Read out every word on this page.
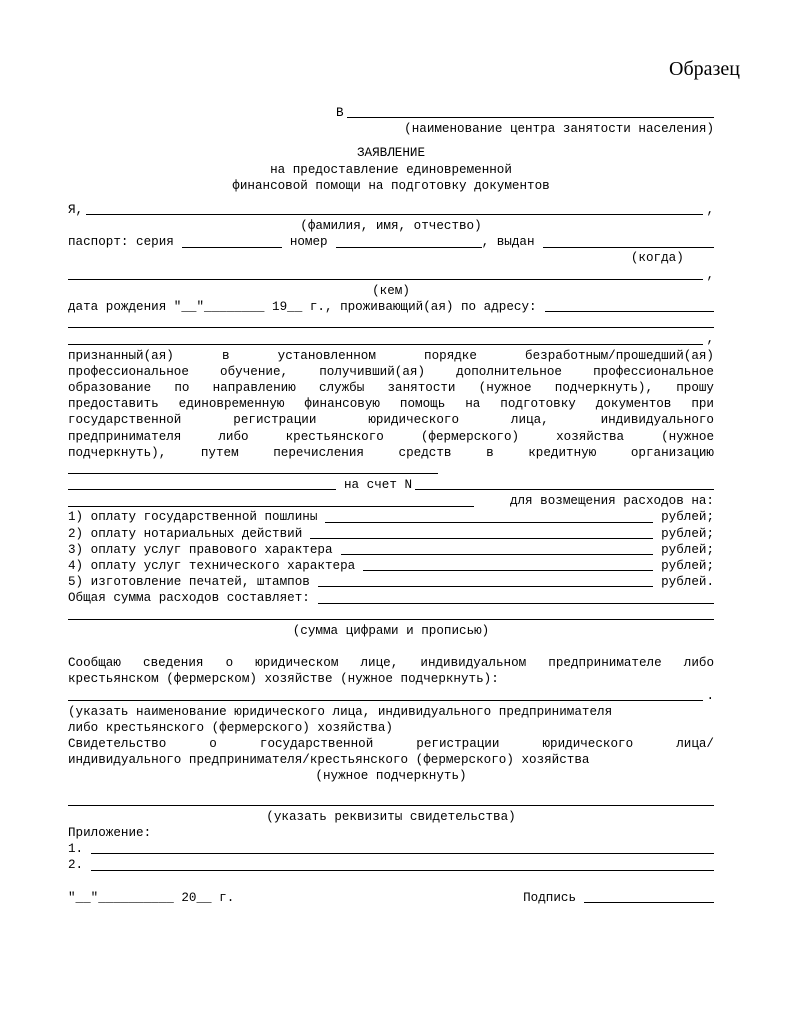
Образец
В
(наименование центра занятости населения)
ЗАЯВЛЕНИЕ
на предоставление единовременной
финансовой помощи на подготовку документов
Я,	,
(фамилия, имя, отчество)
паспорт: серия	номер	, выдан
(когда)

,
(кем)
дата рождения "__"________ 19__ г., проживающий(ая) по адресу:
,
признанный(ая) в установленном порядке безработным/прошедший(ая)
профессиональное обучение, получивший(ая) дополнительное профессиональное
образование по направлению службы занятости (нужное подчеркнуть), прошу
предоставить единовременную финансовую помощь на подготовку документов при
государственной регистрации юридического лица, индивидуального
предпринимателя либо крестьянского (фермерского) хозяйства (нужное
подчеркнуть), путем перечисления средств в кредитную организацию
на счет N
для возмещения расходов на:
1) оплату государственной пошлины	рублей;
2) оплату нотариальных действий	рублей;
3) оплату услуг правового характера	рублей;
4) оплату услуг технического характера	рублей;
5) изготовление печатей, штампов	рублей.
Общая сумма расходов составляет:
(сумма цифрами и прописью)
Сообщаю сведения о юридическом лице, индивидуальном предпринимателе либо
крестьянском (фермерском) хозяйстве (нужное подчеркнуть):
.
(указать наименование юридического лица, индивидуального предпринимателя
либо крестьянского (фермерского) хозяйства)
Свидетельство о государственной регистрации юридического лица/
индивидуального предпринимателя/крестьянского (фермерского) хозяйства
(нужное подчеркнуть)
(указать реквизиты свидетельства)
Приложение:
1.
2.
"__"__________ 20__ г.	Подпись
